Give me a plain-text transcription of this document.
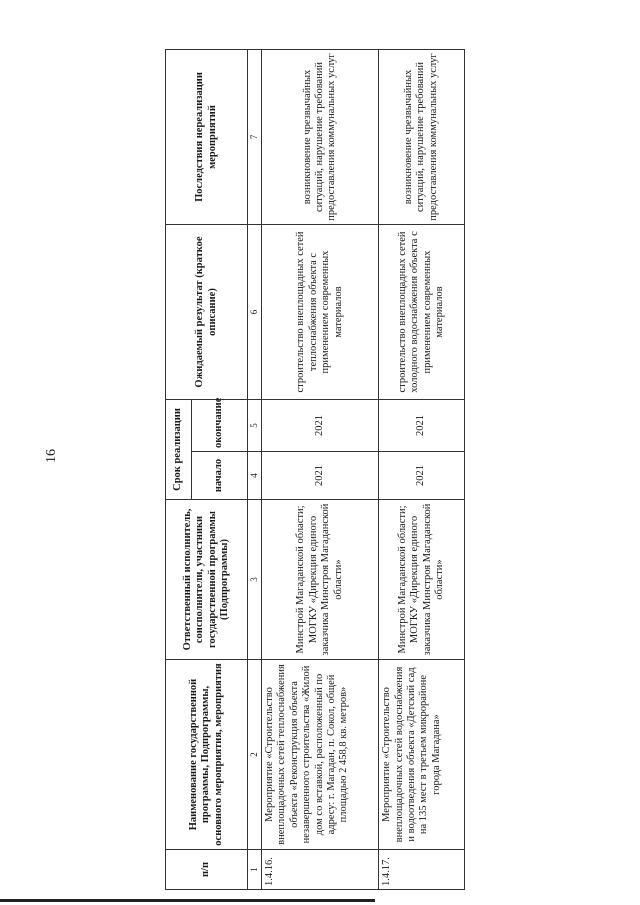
16
п/п	Наименование государственной программы, Подпрограммы, основного мероприятия, мероприятия	Ответственный исполнитель, соисполнители, участники государственной программы (Подпрограммы)	Срок реализации		Ожидаемый результат (краткое описание)	Последствия нереализации мероприятий
			начало	окончание		
1	2	3	4	5	6	7
1.4.16.	Мероприятие «Строительство внеплощадочных сетей теплоснабжения объекта «Реконструкция объекта незавершенного строительства «Жилой дом со вставкой, расположенный по адресу: г. Магадан, п. Сокол, общей площадью 2 458,8 кв. метров»	Минстрой Магаданской области; МОГКУ «Дирекция единого заказчика Минстроя Магаданской области»	2021	2021	строительство внеплощадных сетей теплоснабжения объекта с применением современных материалов	возникновение чрезвычайных ситуаций, нарушение требований предоставления коммунальных услуг
1.4.17.	Мероприятие «Строительство внеплощадочных сетей водоснабжения и водоотведения объекта «Детский сад на 135 мест в третьем микрорайоне города Магадана»	Минстрой Магаданской области; МОГКУ «Дирекция единого заказчика Минстроя Магаданской области»	2021	2021	строительство внеплощадных сетей холодного водоснабжения объекта с применением современных материалов	возникновение чрезвычайных ситуаций, нарушение требований предоставления коммунальных услуг
